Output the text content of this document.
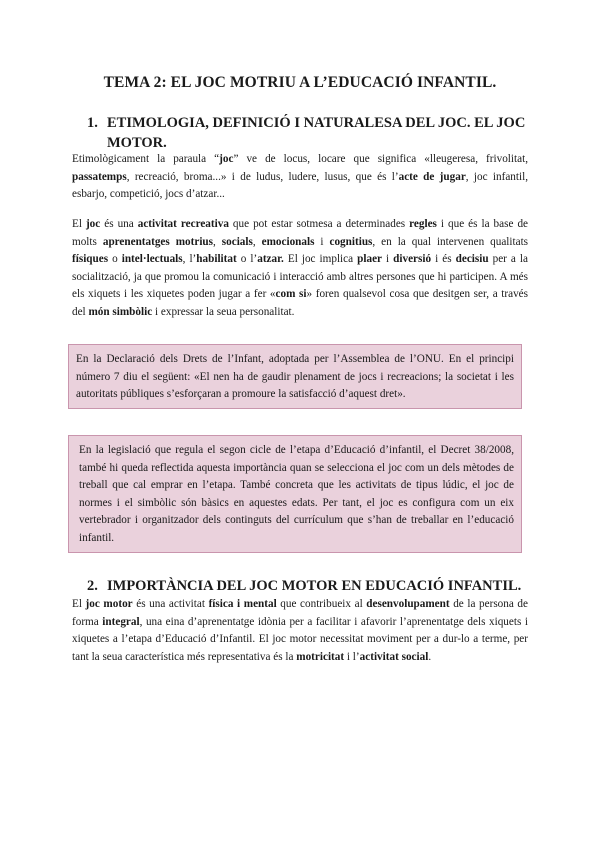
TEMA 2: EL JOC MOTRIU A L’EDUCACIÓ INFANTIL.
1. ETIMOLOGIA, DEFINICIÓ I NATURALESA DEL JOC. EL JOC MOTOR.

Etimològicament la paraula “joc” ve de locus, locare que significa «lleugeresa, frivolitat, passatemps, recreació, broma...» i de ludus, ludere, lusus, que és l’acte de jugar, joc infantil, esbarjo, competició, jocs d’atzar...

El joc és una activitat recreativa que pot estar sotmesa a determinades regles i que és la base de molts aprenentatges motrius, socials, emocionals i cognitius, en la qual intervenen qualitats físiques o intel·lectuals, l’habilitat o l’atzar. El joc implica plaer i diversió i és decisiu per a la socialització, ja que promou la comunicació i interacció amb altres persones que hi participen. A més els xiquets i les xiquetes poden jugar a fer «com si» foren qualsevol cosa que desitgen ser, a través del món simbòlic i expressar la seua personalitat.

En la Declaració dels Drets de l’Infant, adoptada per l’Assemblea de l’ONU. En el principi número 7 diu el següent: «El nen ha de gaudir plenament de jocs i recreacions; la societat i les autoritats públiques s’esforçaran a promoure la satisfacció d’aquest dret».

En la legislació que regula el segon cicle de l’etapa d’Educació d’infantil, el Decret 38/2008, també hi queda reflectida aquesta importància quan se selecciona el joc com un dels mètodes de treball que cal emprar en l’etapa. També concreta que les activitats de tipus lúdic, el joc de normes i el simbòlic són bàsics en aquestes edats. Per tant, el joc es configura com un eix vertebrador i organitzador dels continguts del currículum que s’han de treballar en l’educació infantil.

2. IMPORTÀNCIA DEL JOC MOTOR EN EDUCACIÓ INFANTIL.

El joc motor és una activitat física i mental que contribueix al desenvolupament de la persona de forma integral, una eina d’aprenentatge idònia per a facilitar i afavorir l’aprenentatge dels xiquets i xiquetes a l’etapa d’Educació d’Infantil. El joc motor necessitat moviment per a dur-lo a terme, per tant la seua característica més representativa és la motricitat i l’activitat social.
